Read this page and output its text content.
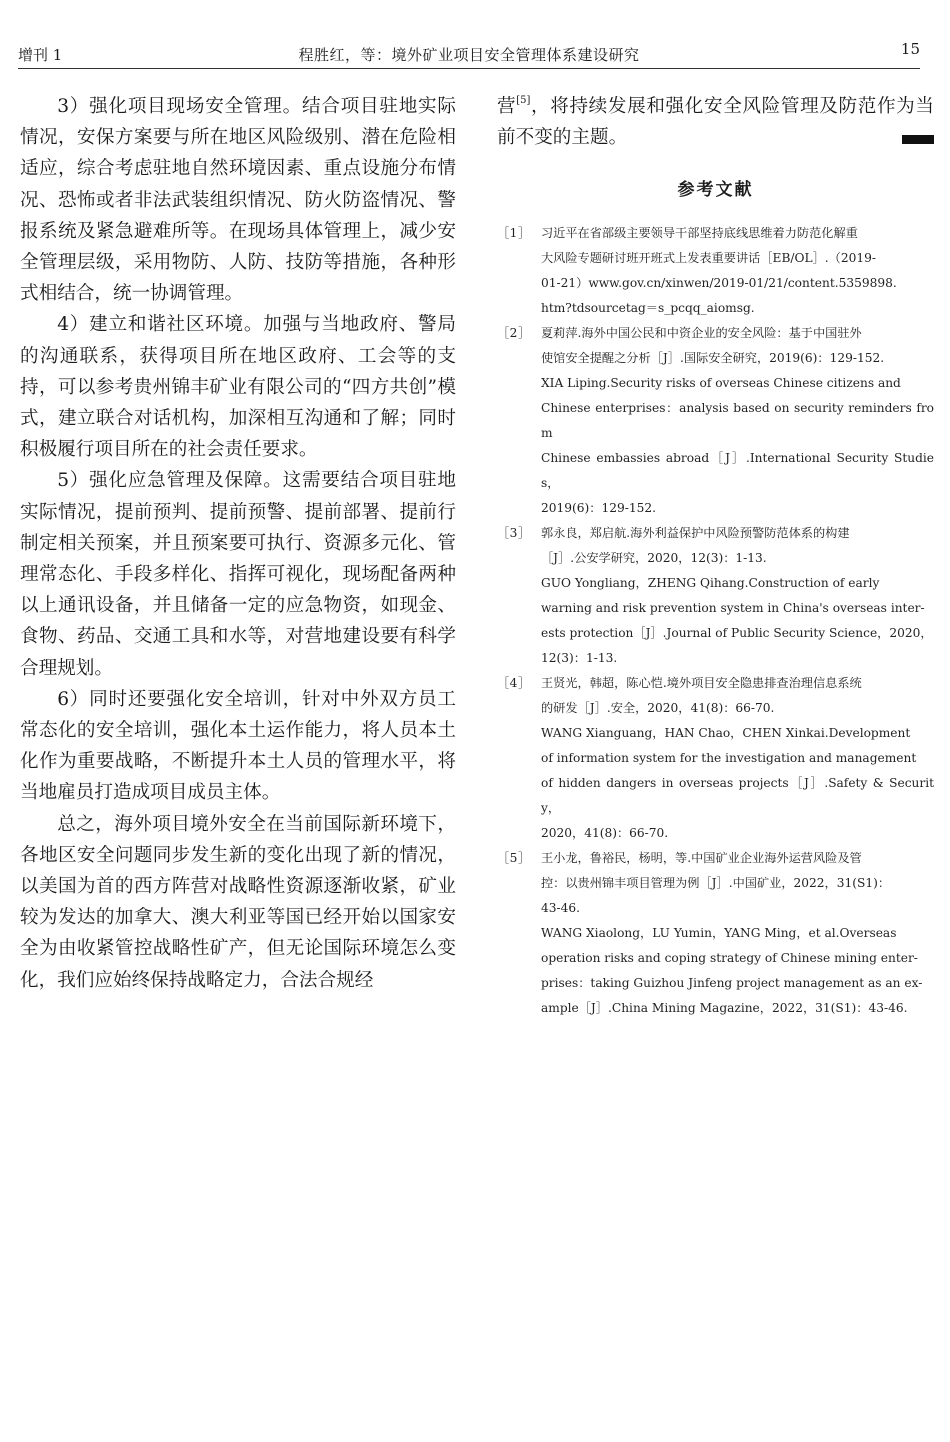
增刊 1	程胜红，等：境外矿业项目安全管理体系建设研究	15

3）强化项目现场安全管理。结合项目驻地实际情况，安保方案要与所在地区风险级别、潜在危险相适应，综合考虑驻地自然环境因素、重点设施分布情况、恐怖或者非法武装组织情况、防火防盗情况、警报系统及紧急避难所等。在现场具体管理上，减少安全管理层级，采用物防、人防、技防等措施，各种形式相结合，统一协调管理。

4）建立和谐社区环境。加强与当地政府、警局的沟通联系，获得项目所在地区政府、工会等的支持，可以参考贵州锦丰矿业有限公司的“四方共创”模式，建立联合对话机构，加深相互沟通和了解；同时积极履行项目所在的社会责任要求。

5）强化应急管理及保障。这需要结合项目驻地实际情况，提前预判、提前预警、提前部署、提前行制定相关预案，并且预案要可执行、资源多元化、管理常态化、手段多样化、指挥可视化，现场配备两种以上通讯设备，并且储备一定的应急物资，如现金、食物、药品、交通工具和水等，对营地建设要有科学合理规划。

6）同时还要强化安全培训，针对中外双方员工常态化的安全培训，强化本土运作能力，将人员本土化作为重要战略，不断提升本土人员的管理水平，将当地雇员打造成项目成员主体。

总之，海外项目境外安全在当前国际新环境下，各地区安全问题同步发生新的变化出现了新的情况，以美国为首的西方阵营对战略性资源逐渐收紧，矿业较为发达的加拿大、澳大利亚等国已经开始以国家安全为由收紧管控战略性矿产，但无论国际环境怎么变化，我们应始终保持战略定力，合法合规经

营[5]，将持续发展和强化安全风险管理及防范作为当前不变的主题。

参考文献
［1］ 习近平在省部级主要领导干部坚持底线思维着力防范化解重
大风险专题研讨班开班式上发表重要讲话［EB/OL］.（2019-
01-21）www.gov.cn/xinwen/2019-01/21/content.5359898.
htm?tdsourcetag＝s_pcqq_aiomsg.
［2］ 夏莉萍.海外中国公民和中资企业的安全风险：基于中国驻外
使馆安全提醒之分析［J］.国际安全研究，2019(6)：129-152.
XIA Liping.Security risks of overseas Chinese citizens and
Chinese enterprises：analysis based on security reminders from
Chinese embassies abroad［J］.International Security Studies，
2019(6)：129-152.
［3］ 郭永良，郑启航.海外利益保护中风险预警防范体系的构建
［J］.公安学研究，2020，12(3)：1-13.
GUO Yongliang，ZHENG Qihang.Construction of early
warning and risk prevention system in China's overseas inter-
ests protection［J］.Journal of Public Security Science，2020，
12(3)：1-13.
［4］ 王贤光，韩超，陈心恺.境外项目安全隐患排查治理信息系统
的研发［J］.安全，2020，41(8)：66-70.
WANG Xianguang，HAN Chao，CHEN Xinkai.Development
of information system for the investigation and management
of hidden dangers in overseas projects［J］.Safety & Security，
2020，41(8)：66-70.
［5］ 王小龙，鲁裕民，杨明，等.中国矿业企业海外运营风险及管
控：以贵州锦丰项目管理为例［J］.中国矿业，2022，31(S1)：
43-46.
WANG Xiaolong，LU Yumin，YANG Ming，et al.Overseas
operation risks and coping strategy of Chinese mining enter-
prises：taking Guizhou Jinfeng project management as an ex-
ample［J］.China Mining Magazine，2022，31(S1)：43-46.
